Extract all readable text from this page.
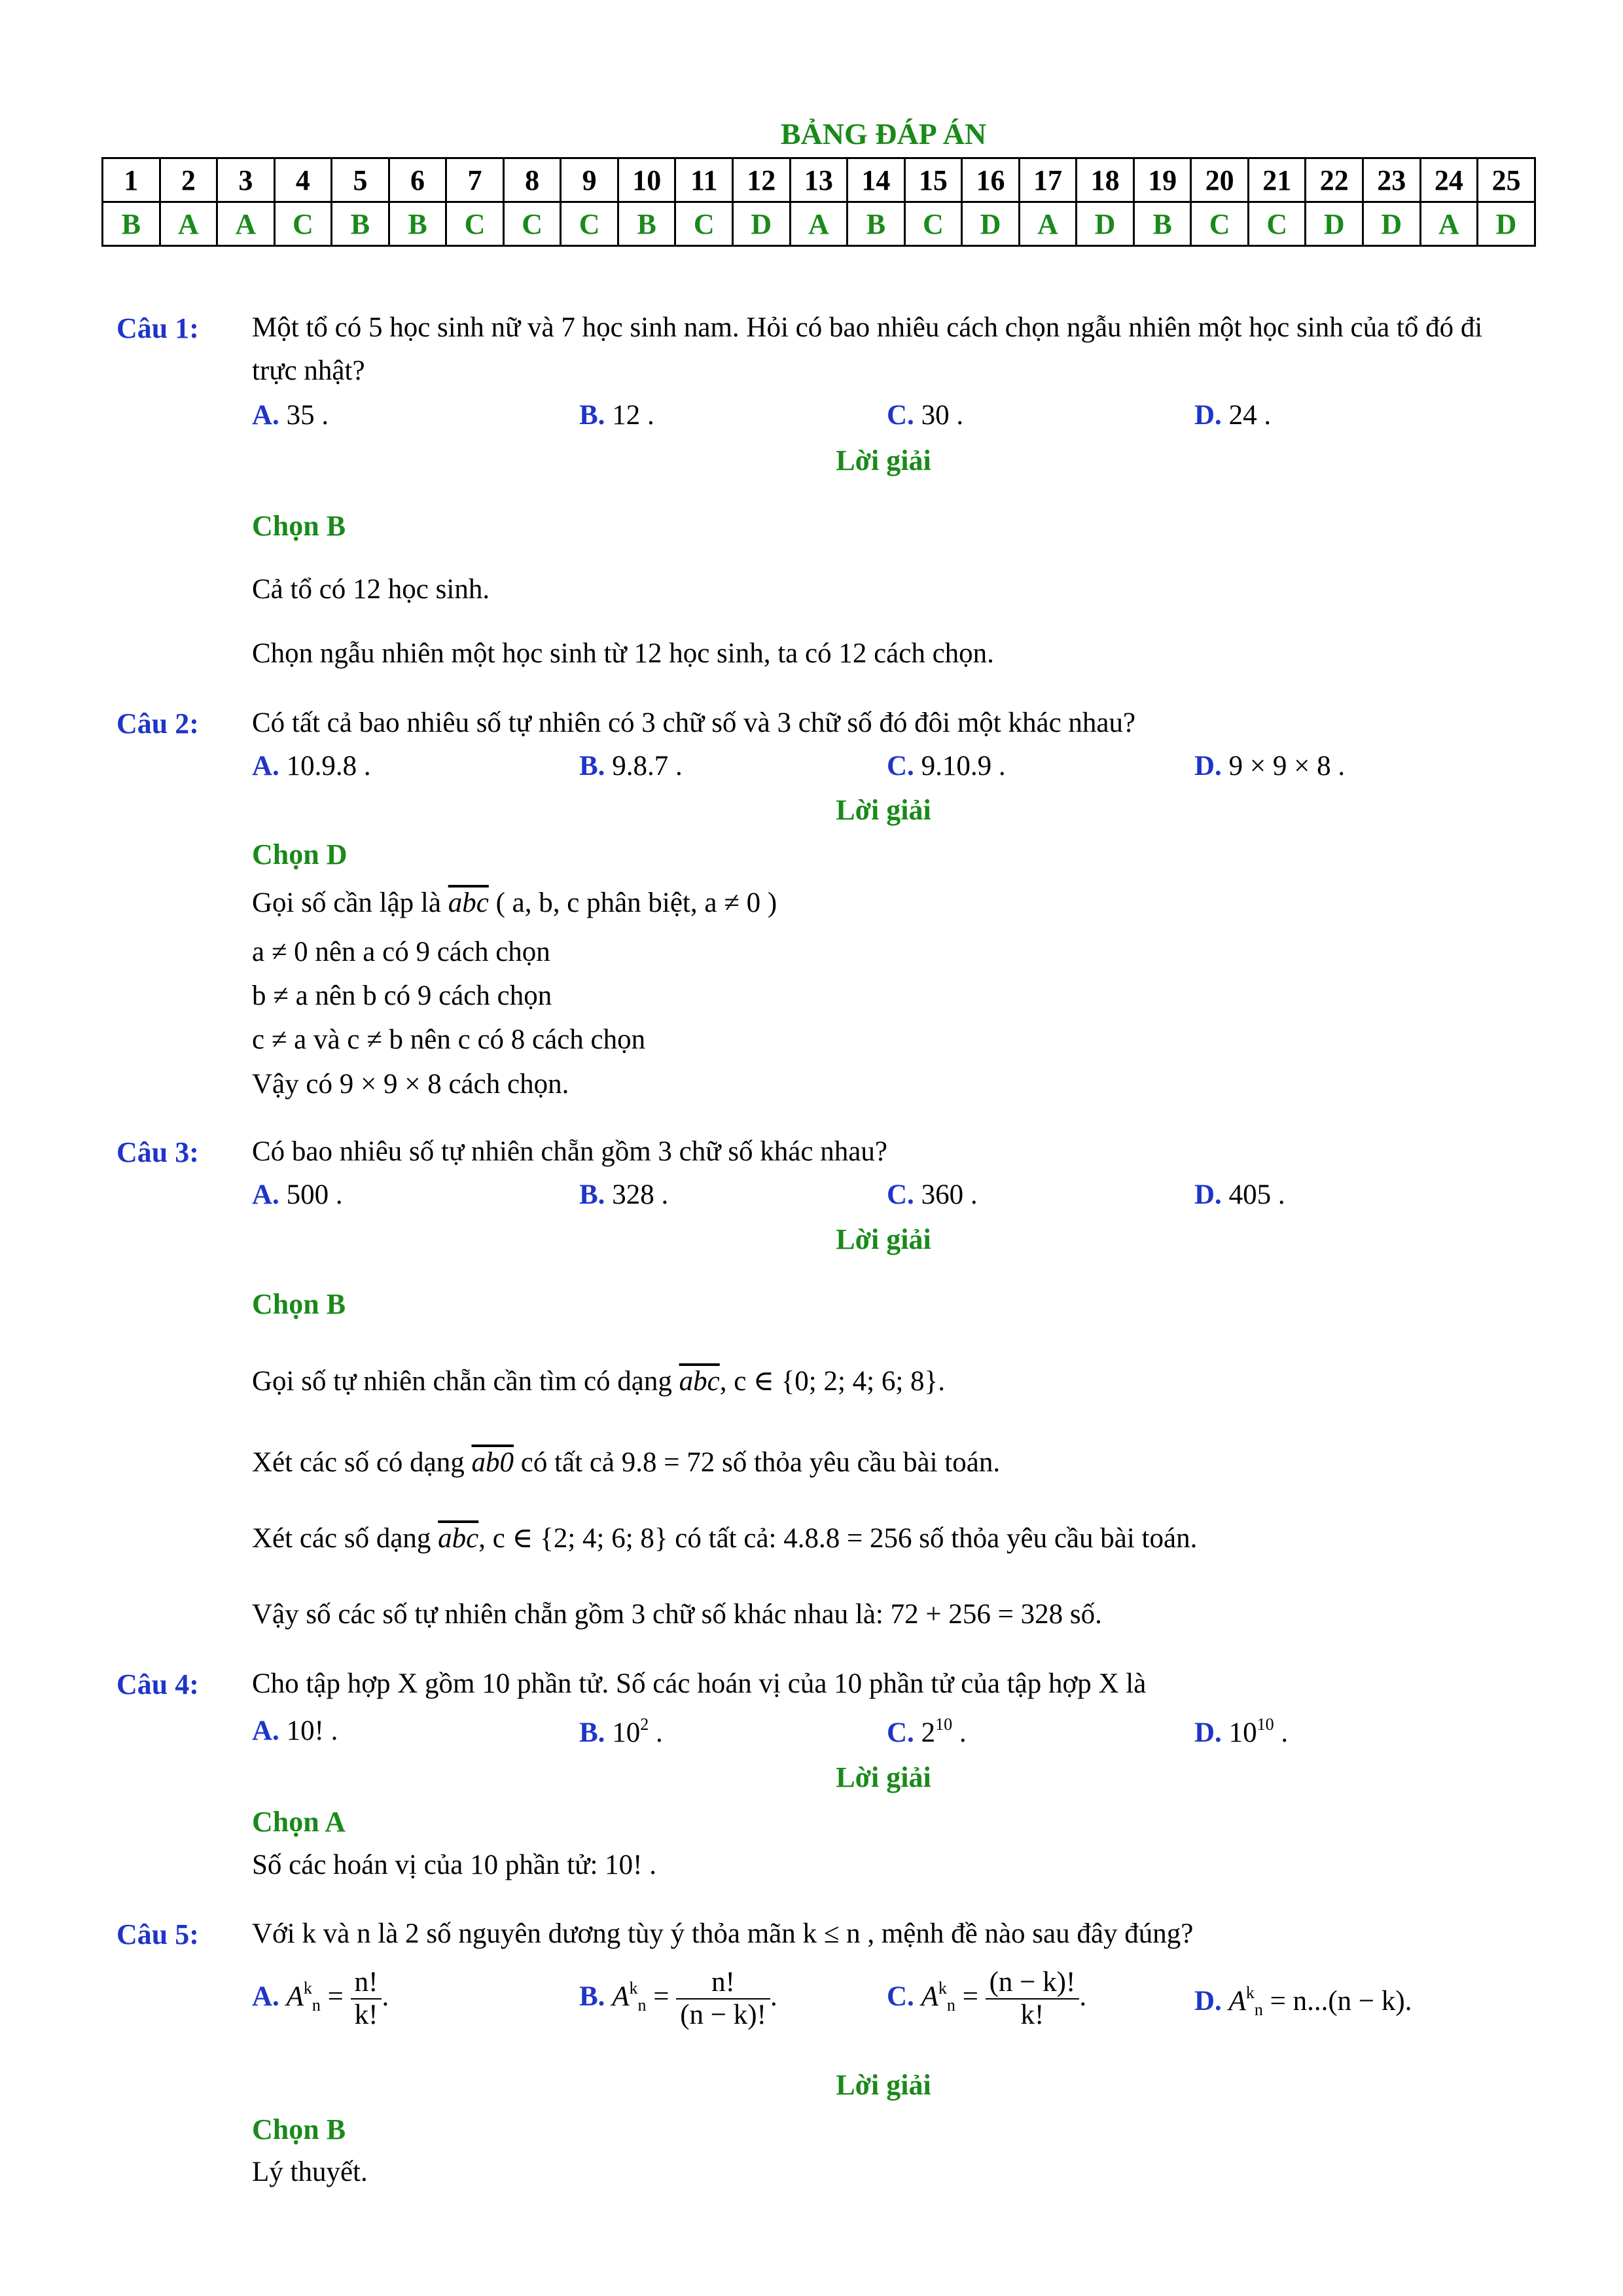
BẢNG ĐÁP ÁN
1	2	3	4	5	6	7	8	9	10	11	12	13	14	15	16	17	18	19	20	21	22	23	24	25
B	A	A	C	B	B	C	C	C	B	C	D	A	B	C	D	A	D	B	C	C	D	D	A	D
Câu 1: Một tổ có 5 học sinh nữ và 7 học sinh nam. Hỏi có bao nhiêu cách chọn ngẫu nhiên một học sinh của tổ đó đi trực nhật?
A. 35 .	B. 12 .	C. 30 .	D. 24 .
Lời giải
Chọn B
Cả tổ có 12 học sinh.
Chọn ngẫu nhiên một học sinh từ 12 học sinh, ta có 12 cách chọn.
Câu 2: Có tất cả bao nhiêu số tự nhiên có 3 chữ số và 3 chữ số đó đôi một khác nhau?
A. 10.9.8 .	B. 9.8.7 .	C. 9.10.9 .	D. 9 × 9 × 8 .
Lời giải
Chọn D
Gọi số cần lập là $\overline{abc}$ ( a, b, c phân biệt, a ≠ 0 )
a ≠ 0 nên a có 9 cách chọn
b ≠ a nên b có 9 cách chọn
c ≠ a và c ≠ b nên c có 8 cách chọn
Vậy có 9 × 9 × 8 cách chọn.
Câu 3: Có bao nhiêu số tự nhiên chẵn gồm 3 chữ số khác nhau?
A. 500 .	B. 328 .	C. 360 .	D. 405 .
Lời giải
Chọn B
Gọi số tự nhiên chẵn cần tìm có dạng $\overline{abc}$, c ∈ {0; 2; 4; 6; 8}.
Xét các số có dạng ab0 có tất cả 9.8 = 72 số thỏa yêu cầu bài toán.
Xét các số dạng $\overline{abc}$, c ∈ {2; 4; 6; 8} có tất cả: 4.8.8 = 256 số thỏa yêu cầu bài toán.
Vậy số các số tự nhiên chẵn gồm 3 chữ số khác nhau là: 72 + 256 = 328 số.
Câu 4: Cho tập hợp X gồm 10 phần tử. Số các hoán vị của 10 phần tử của tập hợp X là
A. 10! .	B. $10^2$ .	C. $2^{10}$ .	D. $10^{10}$ .
Lời giải
Chọn A
Số các hoán vị của 10 phần tử: 10! .
Câu 5: Với k và n là 2 số nguyên dương tùy ý thỏa mãn k ≤ n , mệnh đề nào sau đây đúng?
A. $A^k_n = \frac{n!}{k!}$ .	B. $A^k_n = \frac{n!}{(n - k)!}$ .	C. $A^k_n = \frac{(n - k)!}{k!}$ .	D. $A^k_n = n...(n - k)$.
Lời giải
Chọn B
Lý thuyết.
